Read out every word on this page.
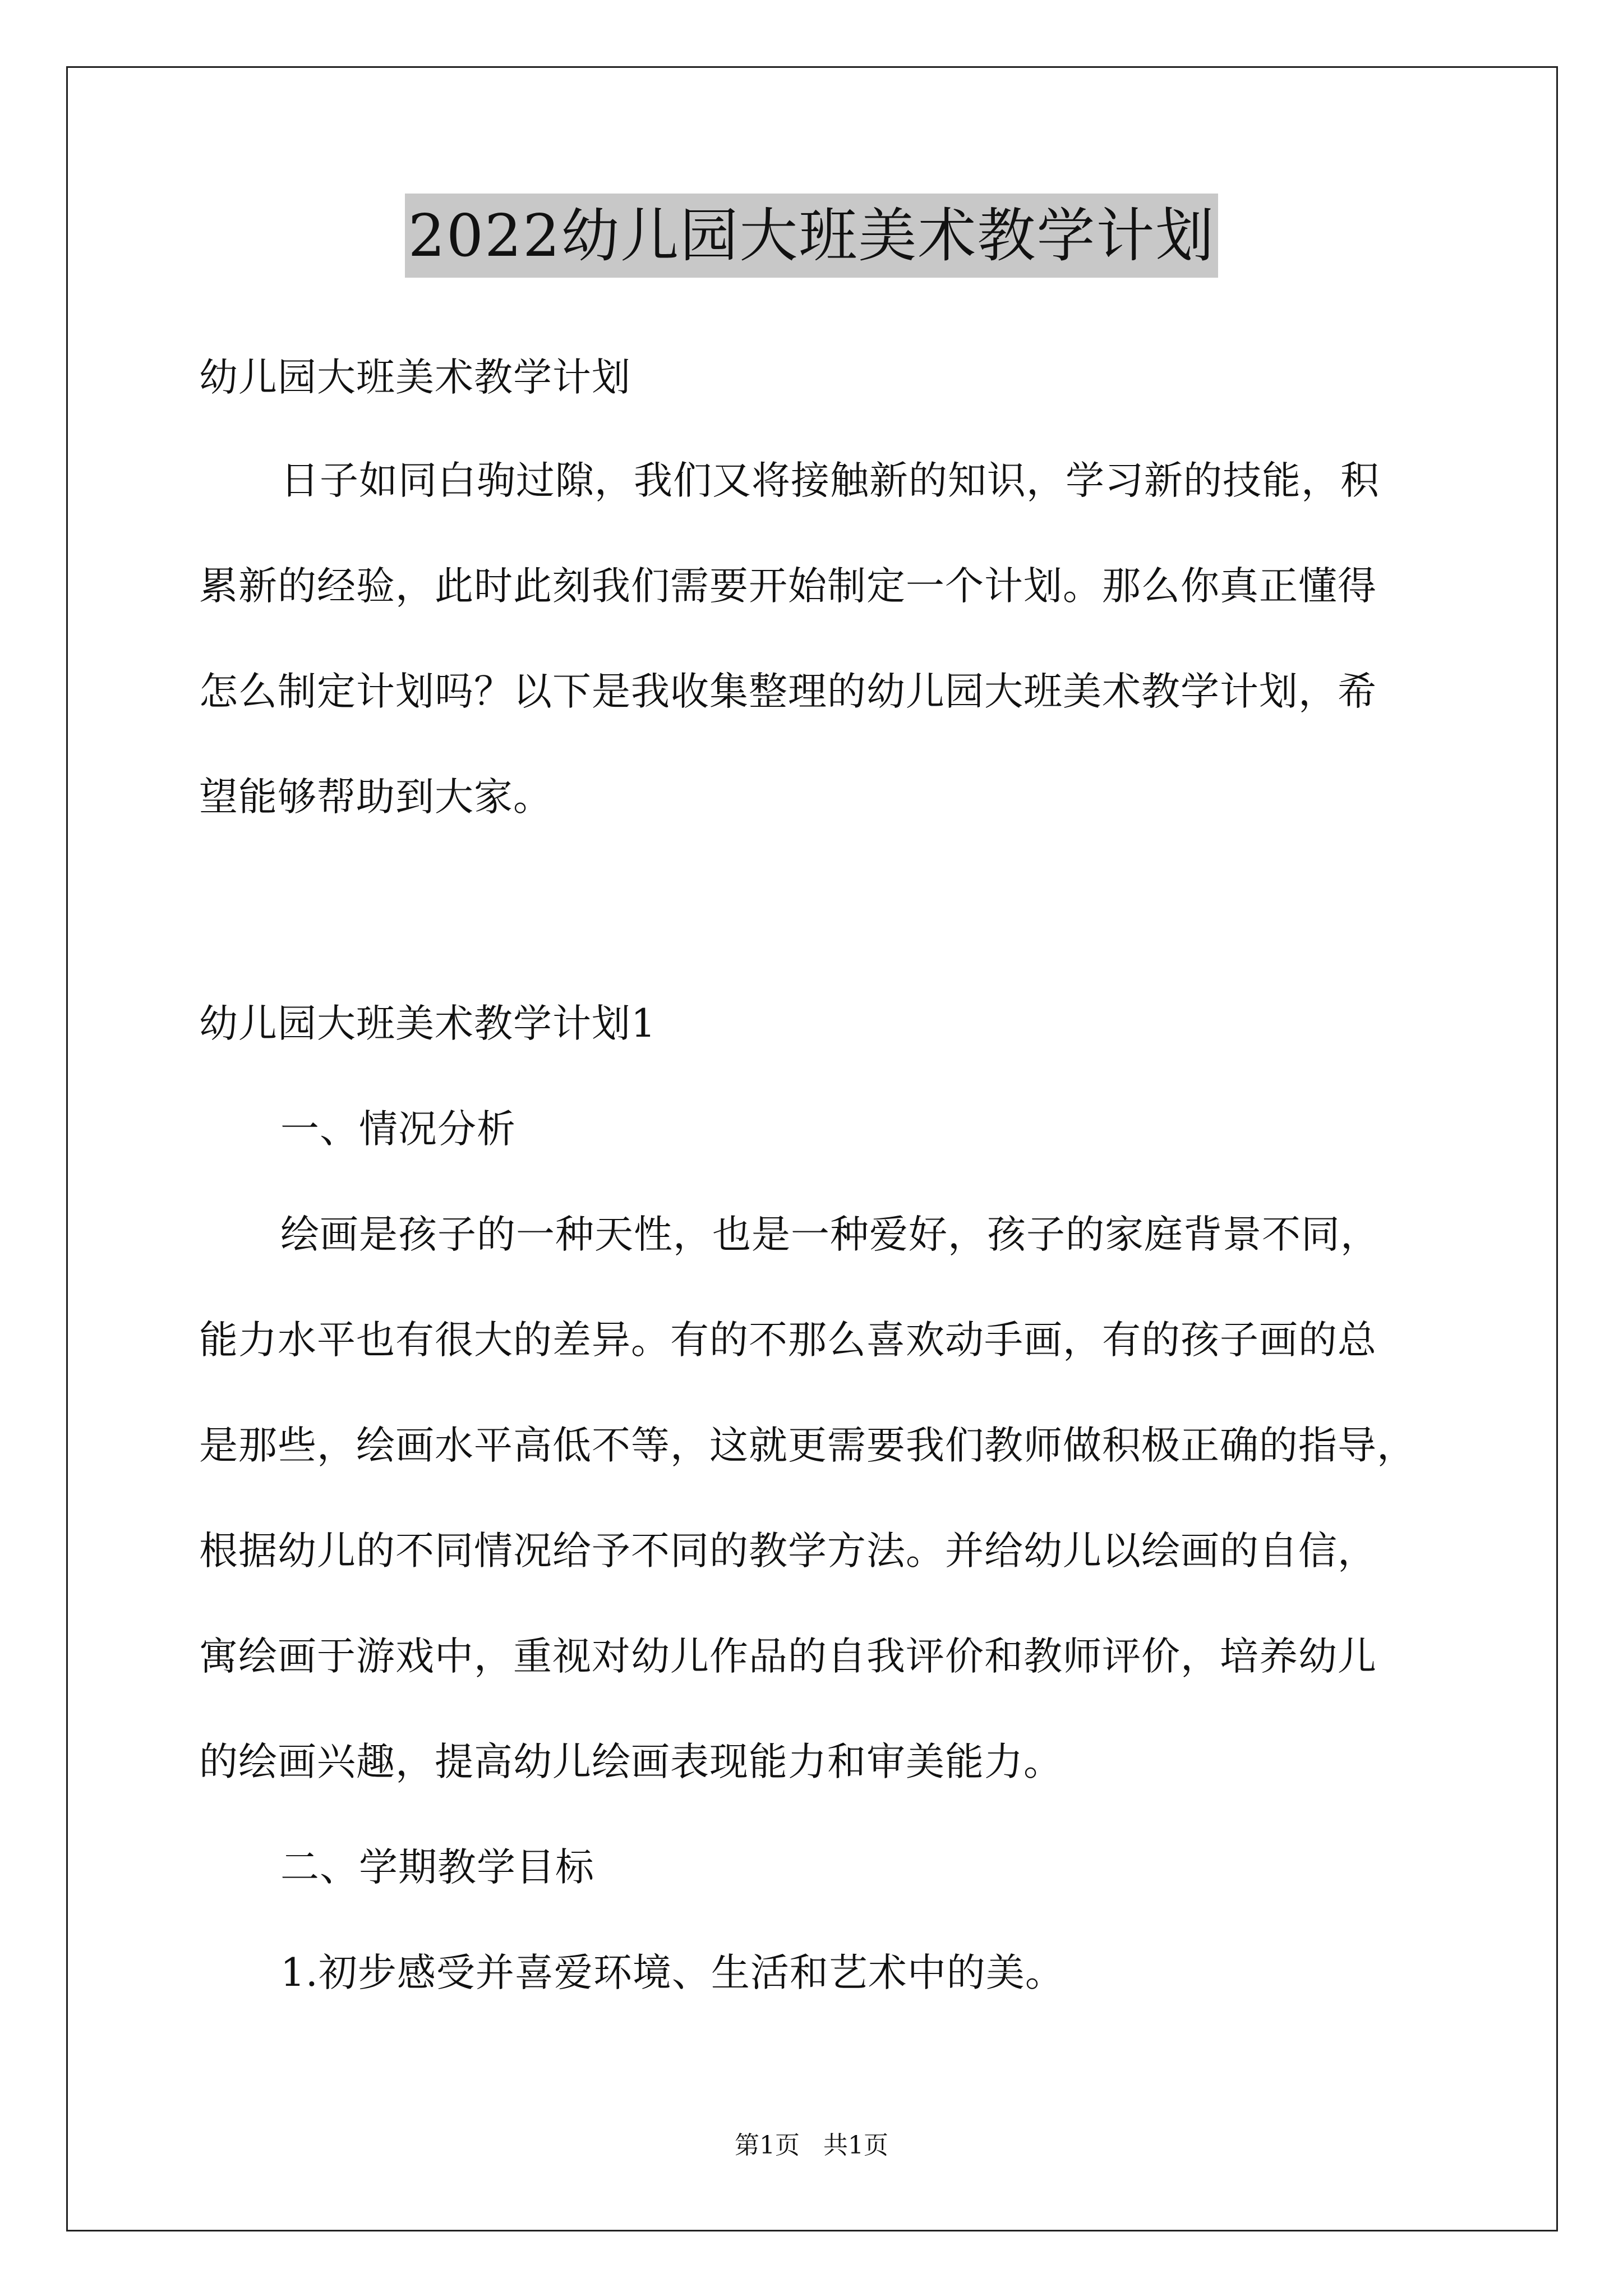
2022幼儿园大班美术教学计划
幼儿园大班美术教学计划
日子如同白驹过隙，我们又将接触新的知识，学习新的技能，积
累新的经验，此时此刻我们需要开始制定一个计划。那么你真正懂得
怎么制定计划吗？以下是我收集整理的幼儿园大班美术教学计划，希
望能够帮助到大家。
幼儿园大班美术教学计划1
一、情况分析
绘画是孩子的一种天性，也是一种爱好，孩子的家庭背景不同，
能力水平也有很大的差异。有的不那么喜欢动手画，有的孩子画的总
是那些，绘画水平高低不等，这就更需要我们教师做积极正确的指导，
根据幼儿的不同情况给予不同的教学方法。并给幼儿以绘画的自信，
寓绘画于游戏中，重视对幼儿作品的自我评价和教师评价，培养幼儿
的绘画兴趣，提高幼儿绘画表现能力和审美能力。
二、学期教学目标
1.初步感受并喜爱环境、生活和艺术中的美。
第1页   共1页
